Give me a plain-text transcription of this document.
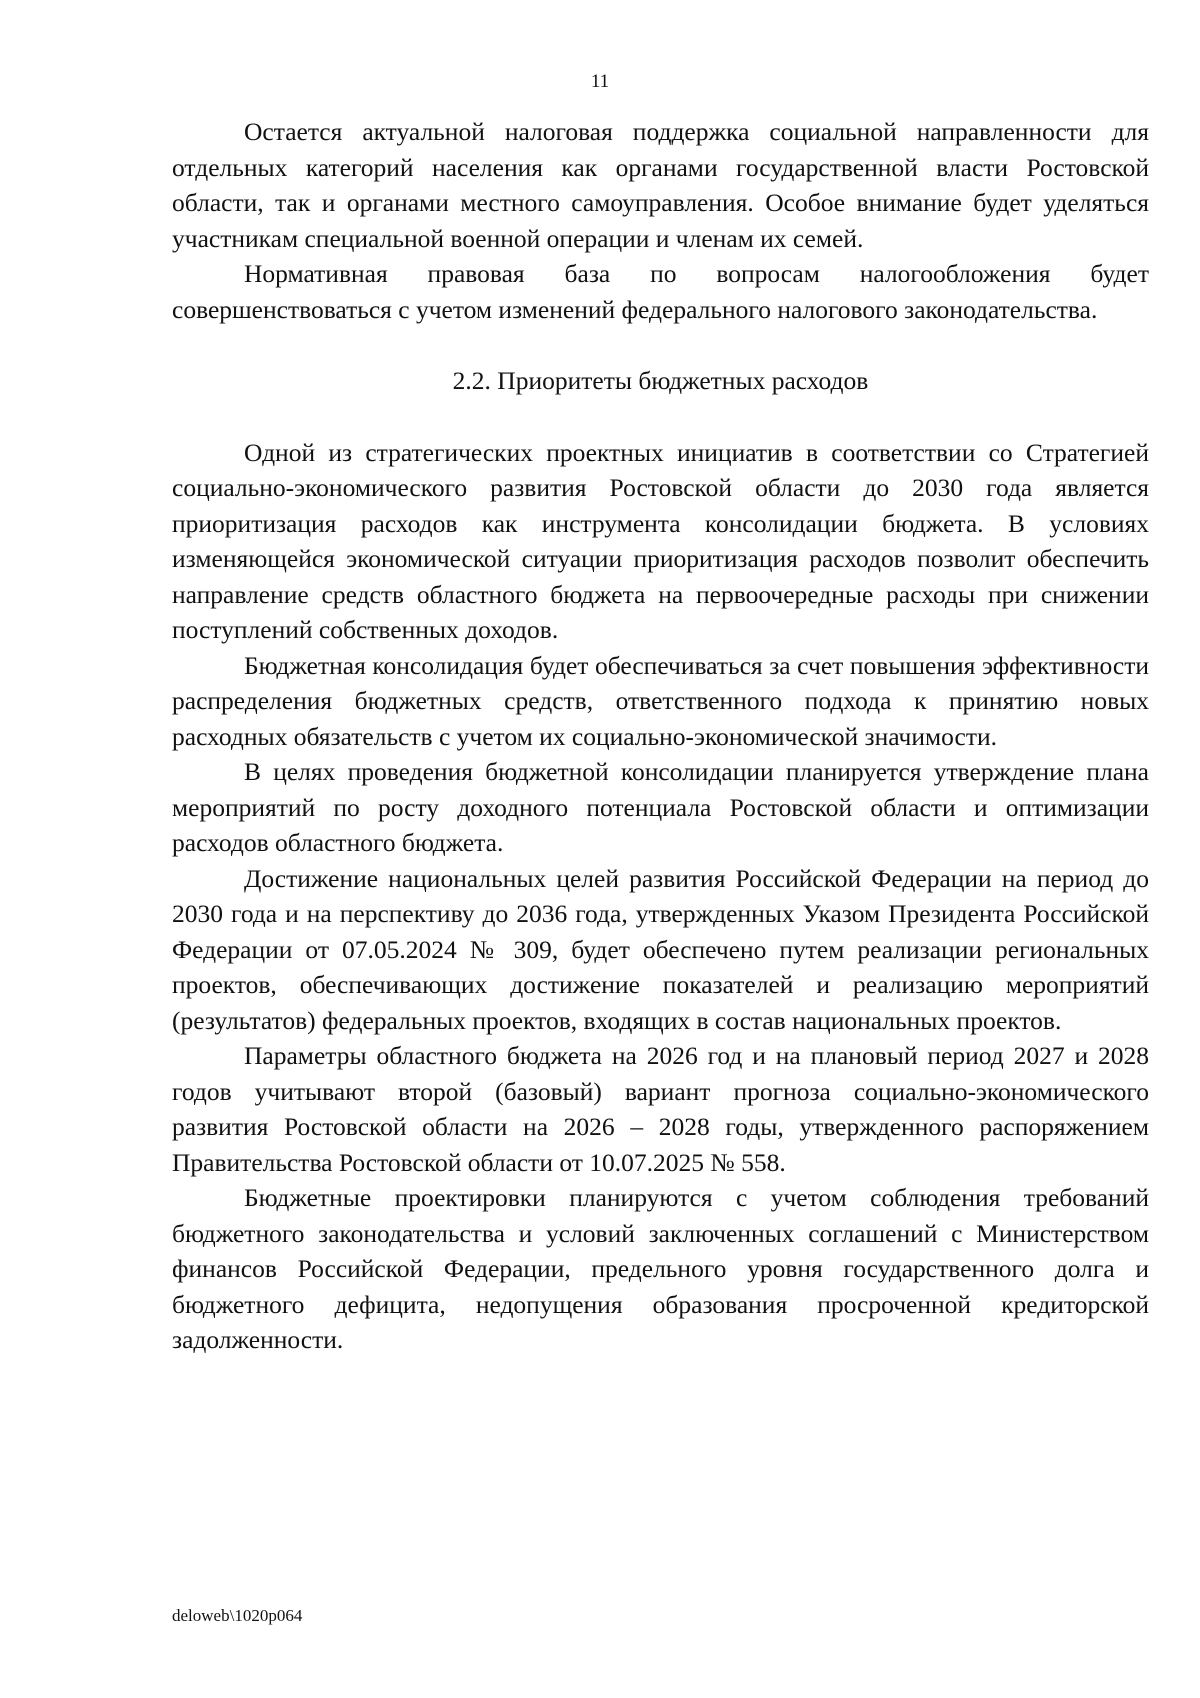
11

Остается актуальной налоговая поддержка социальной направленности для отдельных категорий населения как органами государственной власти Ростовской области, так и органами местного самоуправления. Особое внимание будет уделяться участникам специальной военной операции и членам их семей.

Нормативная правовая база по вопросам налогообложения будет совершенствоваться с учетом изменений федерального налогового законодательства.

2.2. Приоритеты бюджетных расходов

Одной из стратегических проектных инициатив в соответствии со Стратегией социально-экономического развития Ростовской области до 2030 года является приоритизация расходов как инструмента консолидации бюджета. В условиях изменяющейся экономической ситуации приоритизация расходов позволит обеспечить направление средств областного бюджета на первоочередные расходы при снижении поступлений собственных доходов.

Бюджетная консолидация будет обеспечиваться за счет повышения эффективности распределения бюджетных средств, ответственного подхода к принятию новых расходных обязательств с учетом их социально-экономической значимости.

В целях проведения бюджетной консолидации планируется утверждение плана мероприятий по росту доходного потенциала Ростовской области и оптимизации расходов областного бюджета.

Достижение национальных целей развития Российской Федерации на период до 2030 года и на перспективу до 2036 года, утвержденных Указом Президента Российской Федерации от 07.05.2024 № 309, будет обеспечено путем реализации региональных проектов, обеспечивающих достижение показателей и реализацию мероприятий (результатов) федеральных проектов, входящих в состав национальных проектов.

Параметры областного бюджета на 2026 год и на плановый период 2027 и 2028 годов учитывают второй (базовый) вариант прогноза социально-экономического развития Ростовской области на 2026 – 2028 годы, утвержденного распоряжением Правительства Ростовской области от 10.07.2025 № 558.

Бюджетные проектировки планируются с учетом соблюдения требований бюджетного законодательства и условий заключенных соглашений с Министерством финансов Российской Федерации, предельного уровня государственного долга и бюджетного дефицита, недопущения образования просроченной кредиторской задолженности.

deloweb\1020p064
